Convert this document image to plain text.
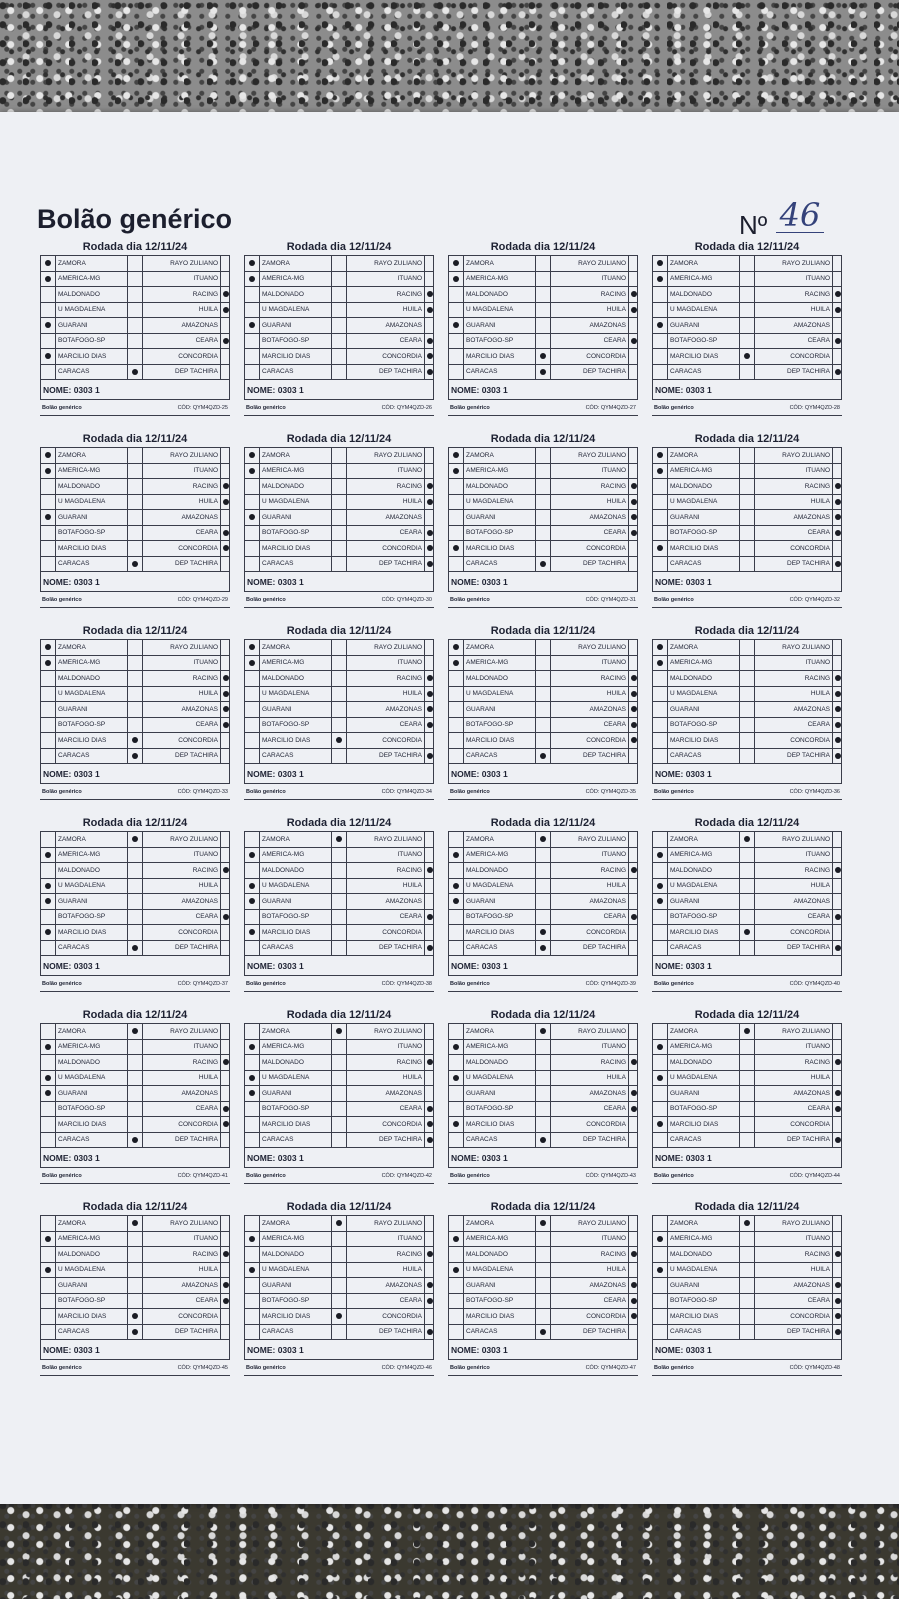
Bolão genérico	Nº 46
Rodada dia 12/11/24
ZAMORA	RAYO ZULIANO
AMERICA-MG	ITUANO
MALDONADO	RACING
U MAGDALENA	HUILA
GUARANI	AMAZONAS
BOTAFOGO-SP	CEARA
MARCILIO DIAS	CONCORDIA
CARACAS	DEP TACHIRA
NOME: 0303 1
Bolão genérico	CÓD: QYM4QZD-25
Rodada dia 12/11/24
ZAMORA	RAYO ZULIANO
AMERICA-MG	ITUANO
MALDONADO	RACING
U MAGDALENA	HUILA
GUARANI	AMAZONAS
BOTAFOGO-SP	CEARA
MARCILIO DIAS	CONCORDIA
CARACAS	DEP TACHIRA
NOME: 0303 1
Bolão genérico	CÓD: QYM4QZD-26
Rodada dia 12/11/24
ZAMORA	RAYO ZULIANO
AMERICA-MG	ITUANO
MALDONADO	RACING
U MAGDALENA	HUILA
GUARANI	AMAZONAS
BOTAFOGO-SP	CEARA
MARCILIO DIAS	CONCORDIA
CARACAS	DEP TACHIRA
NOME: 0303 1
Bolão genérico	CÓD: QYM4QZD-27
Rodada dia 12/11/24
ZAMORA	RAYO ZULIANO
AMERICA-MG	ITUANO
MALDONADO	RACING
U MAGDALENA	HUILA
GUARANI	AMAZONAS
BOTAFOGO-SP	CEARA
MARCILIO DIAS	CONCORDIA
CARACAS	DEP TACHIRA
NOME: 0303 1
Bolão genérico	CÓD: QYM4QZD-28
Rodada dia 12/11/24
ZAMORA	RAYO ZULIANO
AMERICA-MG	ITUANO
MALDONADO	RACING
U MAGDALENA	HUILA
GUARANI	AMAZONAS
BOTAFOGO-SP	CEARA
MARCILIO DIAS	CONCORDIA
CARACAS	DEP TACHIRA
NOME: 0303 1
Bolão genérico	CÓD: QYM4QZD-29
Rodada dia 12/11/24
ZAMORA	RAYO ZULIANO
AMERICA-MG	ITUANO
MALDONADO	RACING
U MAGDALENA	HUILA
GUARANI	AMAZONAS
BOTAFOGO-SP	CEARA
MARCILIO DIAS	CONCORDIA
CARACAS	DEP TACHIRA
NOME: 0303 1
Bolão genérico	CÓD: QYM4QZD-30
Rodada dia 12/11/24
ZAMORA	RAYO ZULIANO
AMERICA-MG	ITUANO
MALDONADO	RACING
U MAGDALENA	HUILA
GUARANI	AMAZONAS
BOTAFOGO-SP	CEARA
MARCILIO DIAS	CONCORDIA
CARACAS	DEP TACHIRA
NOME: 0303 1
Bolão genérico	CÓD: QYM4QZD-31
Rodada dia 12/11/24
ZAMORA	RAYO ZULIANO
AMERICA-MG	ITUANO
MALDONADO	RACING
U MAGDALENA	HUILA
GUARANI	AMAZONAS
BOTAFOGO-SP	CEARA
MARCILIO DIAS	CONCORDIA
CARACAS	DEP TACHIRA
NOME: 0303 1
Bolão genérico	CÓD: QYM4QZD-32
Rodada dia 12/11/24
ZAMORA	RAYO ZULIANO
AMERICA-MG	ITUANO
MALDONADO	RACING
U MAGDALENA	HUILA
GUARANI	AMAZONAS
BOTAFOGO-SP	CEARA
MARCILIO DIAS	CONCORDIA
CARACAS	DEP TACHIRA
NOME: 0303 1
Bolão genérico	CÓD: QYM4QZD-33
Rodada dia 12/11/24
ZAMORA	RAYO ZULIANO
AMERICA-MG	ITUANO
MALDONADO	RACING
U MAGDALENA	HUILA
GUARANI	AMAZONAS
BOTAFOGO-SP	CEARA
MARCILIO DIAS	CONCORDIA
CARACAS	DEP TACHIRA
NOME: 0303 1
Bolão genérico	CÓD: QYM4QZD-34
Rodada dia 12/11/24
ZAMORA	RAYO ZULIANO
AMERICA-MG	ITUANO
MALDONADO	RACING
U MAGDALENA	HUILA
GUARANI	AMAZONAS
BOTAFOGO-SP	CEARA
MARCILIO DIAS	CONCORDIA
CARACAS	DEP TACHIRA
NOME: 0303 1
Bolão genérico	CÓD: QYM4QZD-35
Rodada dia 12/11/24
ZAMORA	RAYO ZULIANO
AMERICA-MG	ITUANO
MALDONADO	RACING
U MAGDALENA	HUILA
GUARANI	AMAZONAS
BOTAFOGO-SP	CEARA
MARCILIO DIAS	CONCORDIA
CARACAS	DEP TACHIRA
NOME: 0303 1
Bolão genérico	CÓD: QYM4QZD-36
Rodada dia 12/11/24
ZAMORA	RAYO ZULIANO
AMERICA-MG	ITUANO
MALDONADO	RACING
U MAGDALENA	HUILA
GUARANI	AMAZONAS
BOTAFOGO-SP	CEARA
MARCILIO DIAS	CONCORDIA
CARACAS	DEP TACHIRA
NOME: 0303 1
Bolão genérico	CÓD: QYM4QZD-37
Rodada dia 12/11/24
ZAMORA	RAYO ZULIANO
AMERICA-MG	ITUANO
MALDONADO	RACING
U MAGDALENA	HUILA
GUARANI	AMAZONAS
BOTAFOGO-SP	CEARA
MARCILIO DIAS	CONCORDIA
CARACAS	DEP TACHIRA
NOME: 0303 1
Bolão genérico	CÓD: QYM4QZD-38
Rodada dia 12/11/24
ZAMORA	RAYO ZULIANO
AMERICA-MG	ITUANO
MALDONADO	RACING
U MAGDALENA	HUILA
GUARANI	AMAZONAS
BOTAFOGO-SP	CEARA
MARCILIO DIAS	CONCORDIA
CARACAS	DEP TACHIRA
NOME: 0303 1
Bolão genérico	CÓD: QYM4QZD-39
Rodada dia 12/11/24
ZAMORA	RAYO ZULIANO
AMERICA-MG	ITUANO
MALDONADO	RACING
U MAGDALENA	HUILA
GUARANI	AMAZONAS
BOTAFOGO-SP	CEARA
MARCILIO DIAS	CONCORDIA
CARACAS	DEP TACHIRA
NOME: 0303 1
Bolão genérico	CÓD: QYM4QZD-40
Rodada dia 12/11/24
ZAMORA	RAYO ZULIANO
AMERICA-MG	ITUANO
MALDONADO	RACING
U MAGDALENA	HUILA
GUARANI	AMAZONAS
BOTAFOGO-SP	CEARA
MARCILIO DIAS	CONCORDIA
CARACAS	DEP TACHIRA
NOME: 0303 1
Bolão genérico	CÓD: QYM4QZD-41
Rodada dia 12/11/24
ZAMORA	RAYO ZULIANO
AMERICA-MG	ITUANO
MALDONADO	RACING
U MAGDALENA	HUILA
GUARANI	AMAZONAS
BOTAFOGO-SP	CEARA
MARCILIO DIAS	CONCORDIA
CARACAS	DEP TACHIRA
NOME: 0303 1
Bolão genérico	CÓD: QYM4QZD-42
Rodada dia 12/11/24
ZAMORA	RAYO ZULIANO
AMERICA-MG	ITUANO
MALDONADO	RACING
U MAGDALENA	HUILA
GUARANI	AMAZONAS
BOTAFOGO-SP	CEARA
MARCILIO DIAS	CONCORDIA
CARACAS	DEP TACHIRA
NOME: 0303 1
Bolão genérico	CÓD: QYM4QZD-43
Rodada dia 12/11/24
ZAMORA	RAYO ZULIANO
AMERICA-MG	ITUANO
MALDONADO	RACING
U MAGDALENA	HUILA
GUARANI	AMAZONAS
BOTAFOGO-SP	CEARA
MARCILIO DIAS	CONCORDIA
CARACAS	DEP TACHIRA
NOME: 0303 1
Bolão genérico	CÓD: QYM4QZD-44
Rodada dia 12/11/24
ZAMORA	RAYO ZULIANO
AMERICA-MG	ITUANO
MALDONADO	RACING
U MAGDALENA	HUILA
GUARANI	AMAZONAS
BOTAFOGO-SP	CEARA
MARCILIO DIAS	CONCORDIA
CARACAS	DEP TACHIRA
NOME: 0303 1
Bolão genérico	CÓD: QYM4QZD-45
Rodada dia 12/11/24
ZAMORA	RAYO ZULIANO
AMERICA-MG	ITUANO
MALDONADO	RACING
U MAGDALENA	HUILA
GUARANI	AMAZONAS
BOTAFOGO-SP	CEARA
MARCILIO DIAS	CONCORDIA
CARACAS	DEP TACHIRA
NOME: 0303 1
Bolão genérico	CÓD: QYM4QZD-46
Rodada dia 12/11/24
ZAMORA	RAYO ZULIANO
AMERICA-MG	ITUANO
MALDONADO	RACING
U MAGDALENA	HUILA
GUARANI	AMAZONAS
BOTAFOGO-SP	CEARA
MARCILIO DIAS	CONCORDIA
CARACAS	DEP TACHIRA
NOME: 0303 1
Bolão genérico	CÓD: QYM4QZD-47
Rodada dia 12/11/24
ZAMORA	RAYO ZULIANO
AMERICA-MG	ITUANO
MALDONADO	RACING
U MAGDALENA	HUILA
GUARANI	AMAZONAS
BOTAFOGO-SP	CEARA
MARCILIO DIAS	CONCORDIA
CARACAS	DEP TACHIRA
NOME: 0303 1
Bolão genérico	CÓD: QYM4QZD-48
